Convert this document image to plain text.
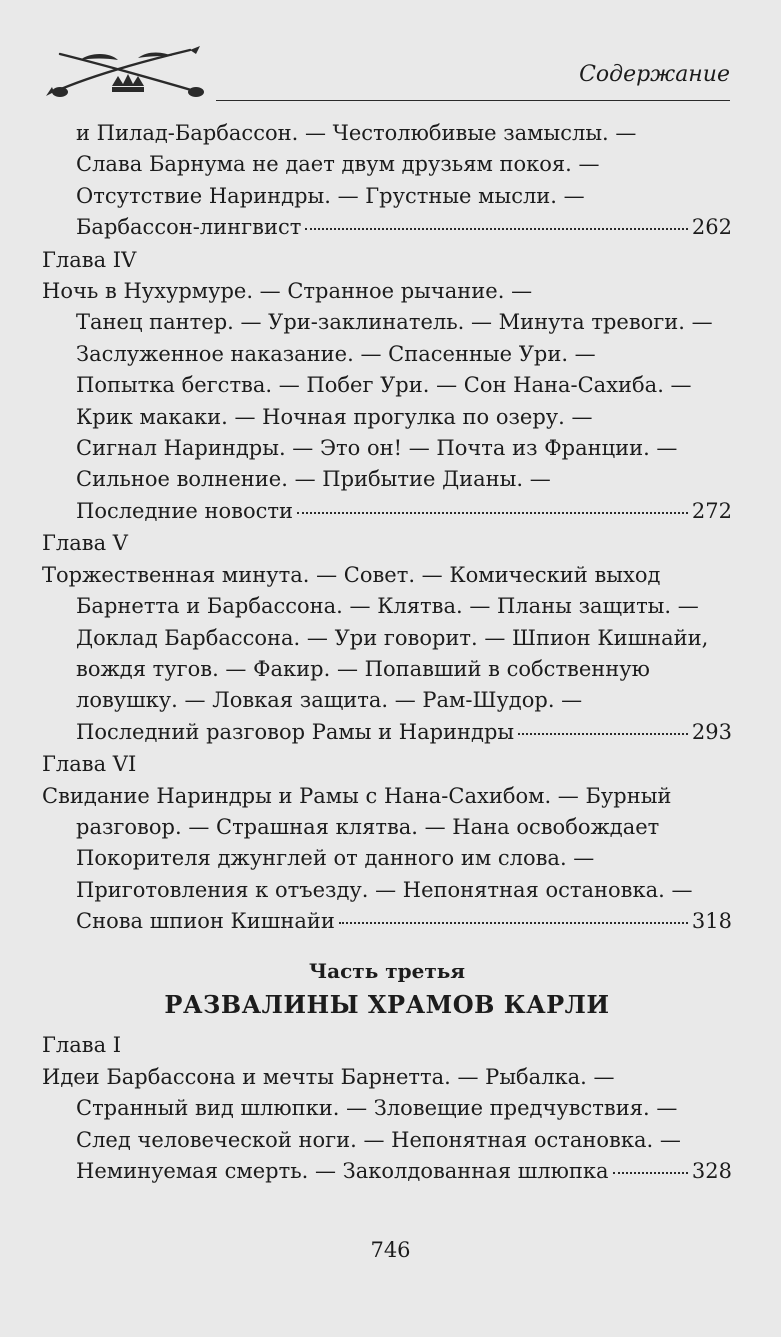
Содержание
и Пилад-Барбассон. — Честолюбивые замыслы. —
Слава Барнума не дает двум друзьям покоя. —
Отсутствие Нариндры. — Грустные мысли. —
Барбассон-лингвист	262
Глава IV
Ночь в Нухурмуре. — Странное рычание. —
Танец пантер. — Ури-заклинатель. — Минута тревоги. —
Заслуженное наказание. — Спасенные Ури. —
Попытка бегства. — Побег Ури. — Сон Нана-Сахиба. —
Крик макаки. — Ночная прогулка по озеру. —
Сигнал Нариндры. — Это он! — Почта из Франции. —
Сильное волнение. — Прибытие Дианы. —
Последние новости	272
Глава V
Торжественная минута. — Совет. — Комический выход
Барнетта и Барбассона. — Клятва. — Планы защиты. —
Доклад Барбассона. — Ури говорит. — Шпион Кишнайи,
вождя тугов. — Факир. — Попавший в собственную
ловушку. — Ловкая защита. — Рам-Шудор. —
Последний разговор Рамы и Нариндры	293
Глава VI
Свидание Нариндры и Рамы с Нана-Сахибом. — Бурный
разговор. — Страшная клятва. — Нана освобождает
Покорителя джунглей от данного им слова. —
Приготовления к отъезду. — Непонятная остановка. —
Снова шпион Кишнайи	318
Часть третья
РАЗВАЛИНЫ ХРАМОВ КАРЛИ
Глава I
Идеи Барбассона и мечты Барнетта. — Рыбалка. —
Странный вид шлюпки. — Зловещие предчувствия. —
След человеческой ноги. — Непонятная остановка. —
Неминуемая смерть. — Заколдованная шлюпка	328
746
